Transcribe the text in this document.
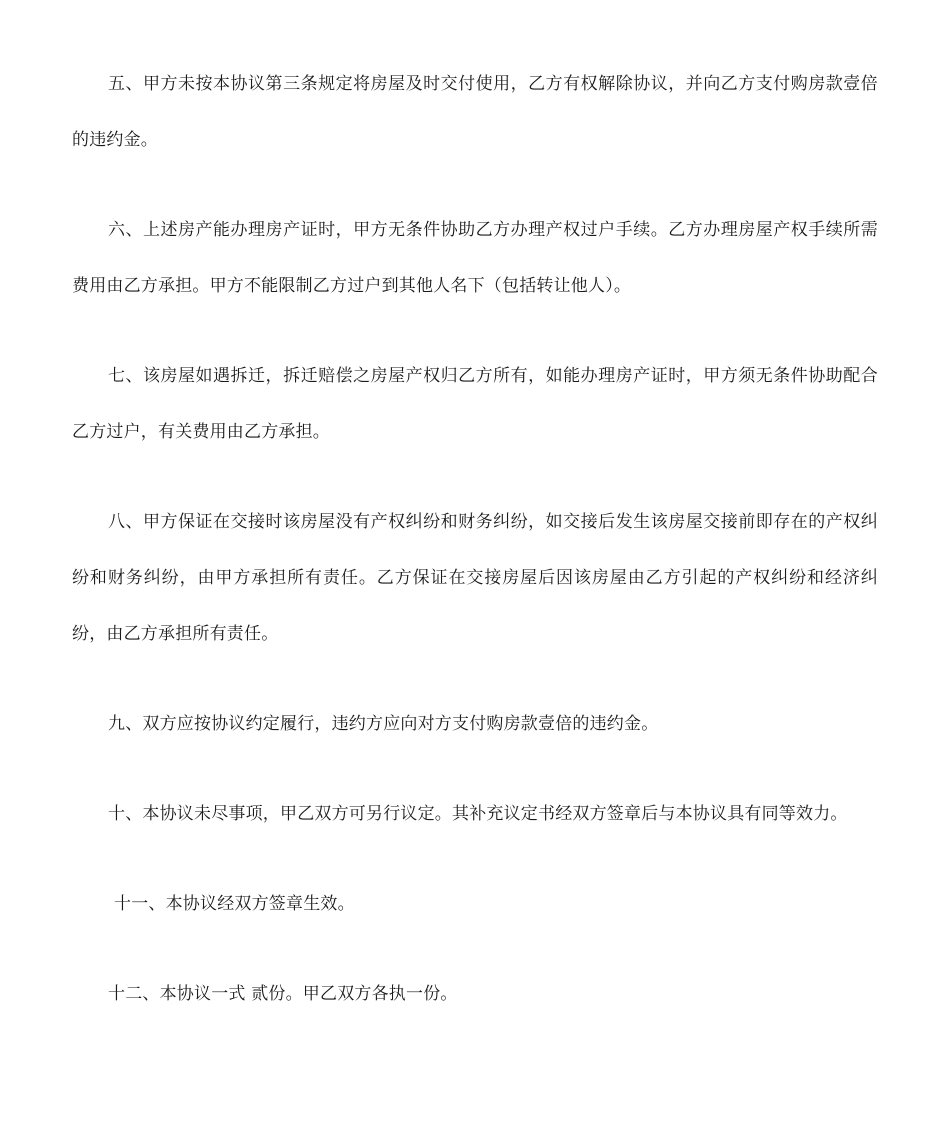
五、甲方未按本协议第三条规定将房屋及时交付使用，乙方有权解除协议，并向乙方支付购房款壹倍的违约金。

六、上述房产能办理房产证时，甲方无条件协助乙方办理产权过户手续。乙方办理房屋产权手续所需费用由乙方承担。甲方不能限制乙方过户到其他人名下（包括转让他人）。

七、该房屋如遇拆迁，拆迁赔偿之房屋产权归乙方所有，如能办理房产证时，甲方须无条件协助配合乙方过户，有关费用由乙方承担。

八、甲方保证在交接时该房屋没有产权纠纷和财务纠纷，如交接后发生该房屋交接前即存在的产权纠纷和财务纠纷，由甲方承担所有责任。乙方保证在交接房屋后因该房屋由乙方引起的产权纠纷和经济纠纷，由乙方承担所有责任。

九、双方应按协议约定履行，违约方应向对方支付购房款壹倍的违约金。

十、本协议未尽事项，甲乙双方可另行议定。其补充议定书经双方签章后与本协议具有同等效力。

十一、本协议经双方签章生效。

十二、本协议一式 贰份。甲乙双方各执一份。
